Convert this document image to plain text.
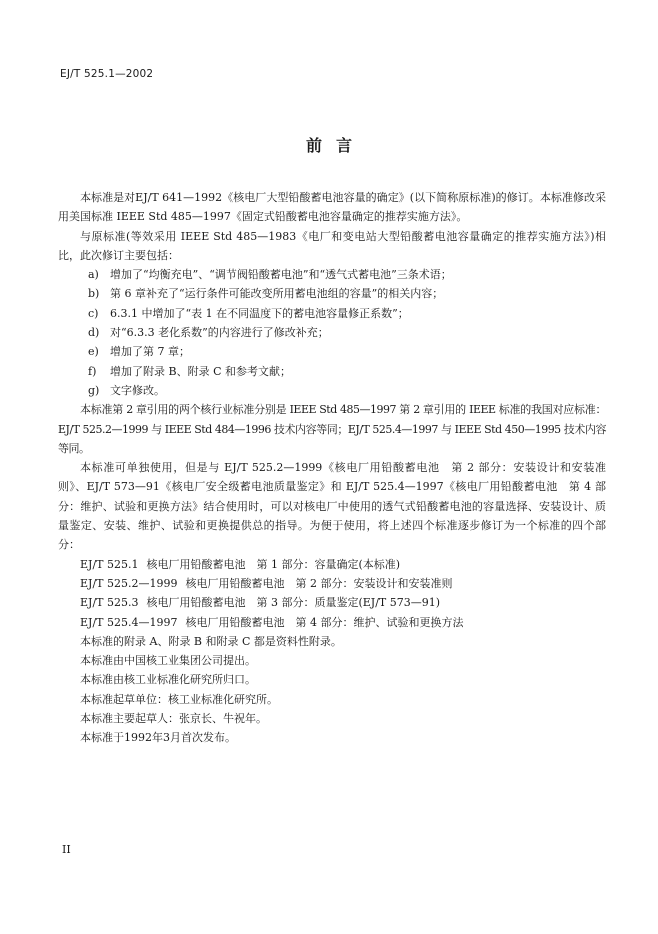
EJ/T 525.1—2002
前言

本标准是对EJ/T 641—1992《核电厂大型铅酸蓄电池容量的确定》(以下简称原标准)的修订。本标准修改采用美国标准 IEEE Std 485—1997《固定式铅酸蓄电池容量确定的推荐实施方法》。

与原标准(等效采用 IEEE Std 485—1983《电厂和变电站大型铅酸蓄电池容量确定的推荐实施方法》)相比，此次修订主要包括：

a)	增加了“均衡充电”、“调节阀铅酸蓄电池”和“透气式蓄电池”三条术语；
b) 第 6 章补充了“运行条件可能改变所用蓄电池组的容量”的相关内容；
c)	6.3.1 中增加了“表 1 在不同温度下的蓄电池容量修正系数”；
d) 对“6.3.3 老化系数”的内容进行了修改补充；
e)	增加了第 7 章；
f)	增加了附录 B、附录 C 和参考文献；
g) 文字修改。

本标准第 2 章引用的两个核行业标准分别是 IEEE Std 485—1997 第 2 章引用的 IEEE 标准的我国对应标准：EJ/T 525.2—1999 与 IEEE Std 484—1996 技术内容等同；EJ/T 525.4—1997 与 IEEE Std 450—1995 技术内容等同。

本标准可单独使用，但是与 EJ/T 525.2—1999《核电厂用铅酸蓄电池　第 2 部分：安装设计和安装准则》、EJ/T 573—91《核电厂安全级蓄电池质量鉴定》和 EJ/T 525.4—1997《核电厂用铅酸蓄电池　第 4 部分：维护、试验和更换方法》结合使用时，可以对核电厂中使用的透气式铅酸蓄电池的容量选择、安装设计、质量鉴定、安装、维护、试验和更换提供总的指导。为便于使用，将上述四个标准逐步修订为一个标准的四个部分：

EJ/T 525.1 核电厂用铅酸蓄电池　第 1 部分：容量确定(本标准)

EJ/T 525.2—1999 核电厂用铅酸蓄电池　第 2 部分：安装设计和安装准则

EJ/T 525.3 核电厂用铅酸蓄电池　第 3 部分：质量鉴定(EJ/T 573—91)

EJ/T 525.4—1997 核电厂用铅酸蓄电池　第 4 部分：维护、试验和更换方法

本标准的附录 A、附录 B 和附录 C 都是资料性附录。

本标准由中国核工业集团公司提出。

本标准由核工业标准化研究所归口。

本标准起草单位：核工业标准化研究所。

本标准主要起草人：张京长、牛祝年。

本标准于1992年3月首次发布。

II
